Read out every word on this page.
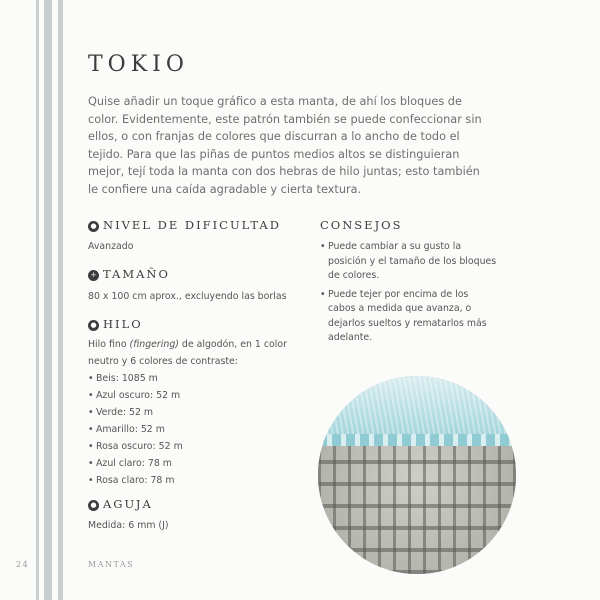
TOKIO
Quise añadir un toque gráfico a esta manta, de ahí los bloques de color. Evidentemente, este patrón también se puede confeccionar sin ellos, o con franjas de colores que discurran a lo ancho de todo el tejido. Para que las piñas de puntos medios altos se distinguieran mejor, tejí toda la manta con dos hebras de hilo juntas; esto también le confiere una caída agradable y cierta textura.
● NIVEL DE DIFICULTAD
Avanzado
+ TAMAÑO
80 x 100 cm aprox., excluyendo las borlas
● HILO
Hilo fino (fingering) de algodón, en 1 color neutro y 6 colores de contraste:
• Beis: 1085 m
• Azul oscuro: 52 m
• Verde: 52 m
• Amarillo: 52 m
• Rosa oscuro: 52 m
• Azul claro: 78 m
• Rosa claro: 78 m
● AGUJA
Medida: 6 mm (J)
CONSEJOS
• Puede cambiar a su gusto la posición y el tamaño de los bloques de colores.
• Puede tejer por encima de los cabos a medida que avanza, o dejarlos sueltos y rematarlos más adelante.
24	MANTAS
